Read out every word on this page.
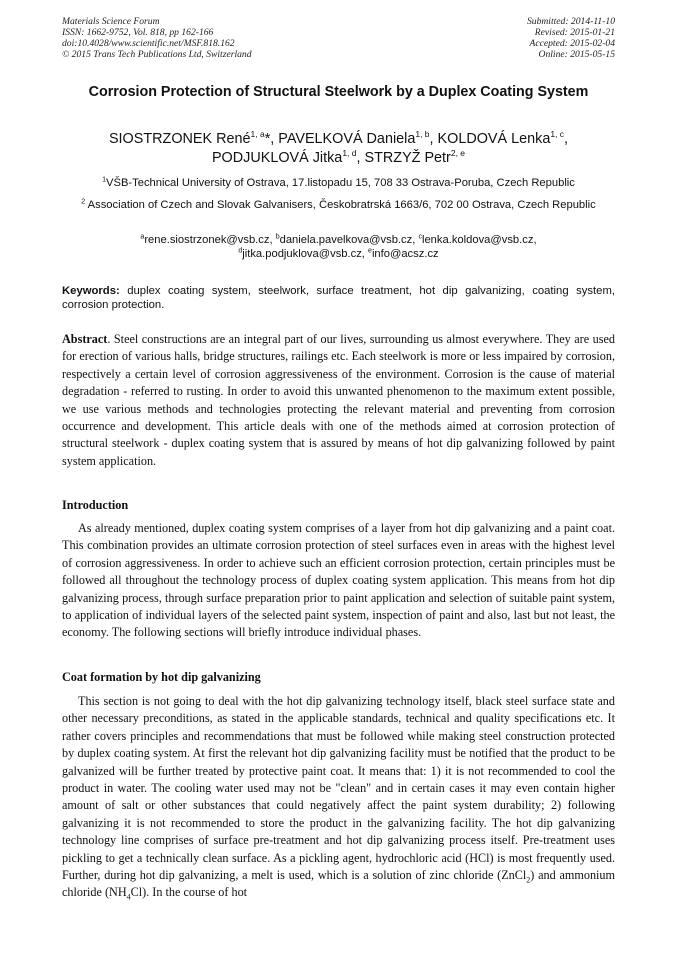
Materials Science Forum
ISSN: 1662-9752, Vol. 818, pp 162-166
doi:10.4028/www.scientific.net/MSF.818.162
© 2015 Trans Tech Publications Ltd, Switzerland
Submitted: 2014-11-10
Revised: 2015-01-21
Accepted: 2015-02-04
Online: 2015-05-15
Corrosion Protection of Structural Steelwork by a Duplex Coating System
SIOSTRZONEK René$^{1, a}$*, PAVELKOVÁ Daniela$^{1, b}$, KOLDOVÁ Lenka$^{1, c}$,
PODJUKLOVÁ Jitka$^{1, d}$, STRZYŽ Petr$^{2, e}$
$^1$VŠB-Technical University of Ostrava, 17.listopadu 15, 708 33 Ostrava-Poruba, Czech Republic
$^2$ Association of Czech and Slovak Galvanisers, Českobratrská 1663/6, 702 00 Ostrava, Czech Republic
$^a$rene.siostrzonek@vsb.cz, $^b$daniela.pavelkova@vsb.cz, $^c$lenka.koldova@vsb.cz,
$^d$jitka.podjuklova@vsb.cz, $^e$info@acsz.cz
Keywords: duplex coating system, steelwork, surface treatment, hot dip galvanizing, coating system, corrosion protection.
Abstract. Steel constructions are an integral part of our lives, surrounding us almost everywhere. They are used for erection of various halls, bridge structures, railings etc. Each steelwork is more or less impaired by corrosion, respectively a certain level of corrosion aggressiveness of the environment. Corrosion is the cause of material degradation - referred to rusting. In order to avoid this unwanted phenomenon to the maximum extent possible, we use various methods and technologies protecting the relevant material and preventing from corrosion occurrence and development. This article deals with one of the methods aimed at corrosion protection of structural steelwork - duplex coating system that is assured by means of hot dip galvanizing followed by paint system application.
Introduction
As already mentioned, duplex coating system comprises of a layer from hot dip galvanizing and a paint coat. This combination provides an ultimate corrosion protection of steel surfaces even in areas with the highest level of corrosion aggressiveness. In order to achieve such an efficient corrosion protection, certain principles must be followed all throughout the technology process of duplex coating system application. This means from hot dip galvanizing process, through surface preparation prior to paint application and selection of suitable paint system, to application of individual layers of the selected paint system, inspection of paint and also, last but not least, the economy. The following sections will briefly introduce individual phases.
Coat formation by hot dip galvanizing
This section is not going to deal with the hot dip galvanizing technology itself, black steel surface state and other necessary preconditions, as stated in the applicable standards, technical and quality specifications etc. It rather covers principles and recommendations that must be followed while making steel construction protected by duplex coating system. At first the relevant hot dip galvanizing facility must be notified that the product to be galvanized will be further treated by protective paint coat. It means that: 1) it is not recommended to cool the product in water. The cooling water used may not be "clean" and in certain cases it may even contain higher amount of salt or other substances that could negatively affect the paint system durability; 2) following galvanizing it is not recommended to store the product in the galvanizing facility. The hot dip galvanizing technology line comprises of surface pre-treatment and hot dip galvanizing process itself. Pre-treatment uses pickling to get a technically clean surface. As a pickling agent, hydrochloric acid (HCl) is most frequently used. Further, during hot dip galvanizing, a melt is used, which is a solution of zinc chloride (ZnCl$_2$) and ammonium chloride $(NH_4Cl)$. In the course of hot
